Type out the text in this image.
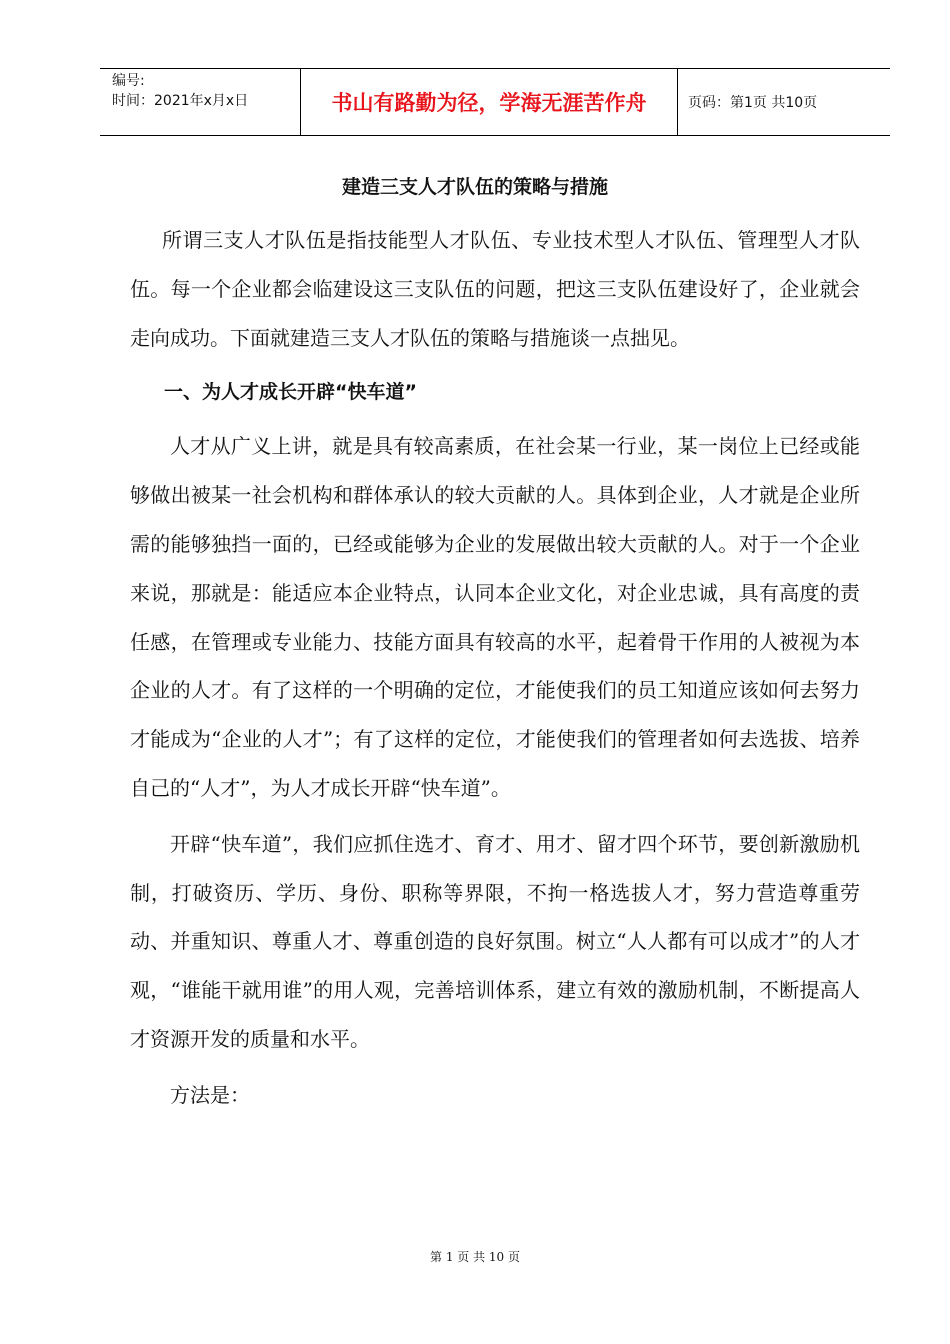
编号:
时间：2021年x月x日	书山有路勤为径，学海无涯苦作舟	页码：第1页 共10页
建造三支人才队伍的策略与措施

所谓三支人才队伍是指技能型人才队伍、专业技术型人才队伍、管理型人才队伍。每一个企业都会临建设这三支队伍的问题，把这三支队伍建设好了，企业就会走向成功。下面就建造三支人才队伍的策略与措施谈一点拙见。

一、为人才成长开辟“快车道”

人才从广义上讲，就是具有较高素质，在社会某一行业，某一岗位上已经或能够做出被某一社会机构和群体承认的较大贡献的人。具体到企业，人才就是企业所需的能够独挡一面的，已经或能够为企业的发展做出较大贡献的人。对于一个企业来说，那就是：能适应本企业特点，认同本企业文化，对企业忠诚，具有高度的责任感，在管理或专业能力、技能方面具有较高的水平，起着骨干作用的人被视为本企业的人才。有了这样的一个明确的定位，才能使我们的员工知道应该如何去努力才能成为“企业的人才”；有了这样的定位，才能使我们的管理者如何去选拔、培养自己的“人才”，为人才成长开辟“快车道”。

开辟“快车道”，我们应抓住选才、育才、用才、留才四个环节，要创新激励机制，打破资历、学历、身份、职称等界限，不拘一格选拔人才，努力营造尊重劳动、并重知识、尊重人才、尊重创造的良好氛围。树立“人人都有可以成才”的人才观，“谁能干就用谁”的用人观，完善培训体系，建立有效的激励机制，不断提高人才资源开发的质量和水平。

方法是：

第 1 页 共 10 页
